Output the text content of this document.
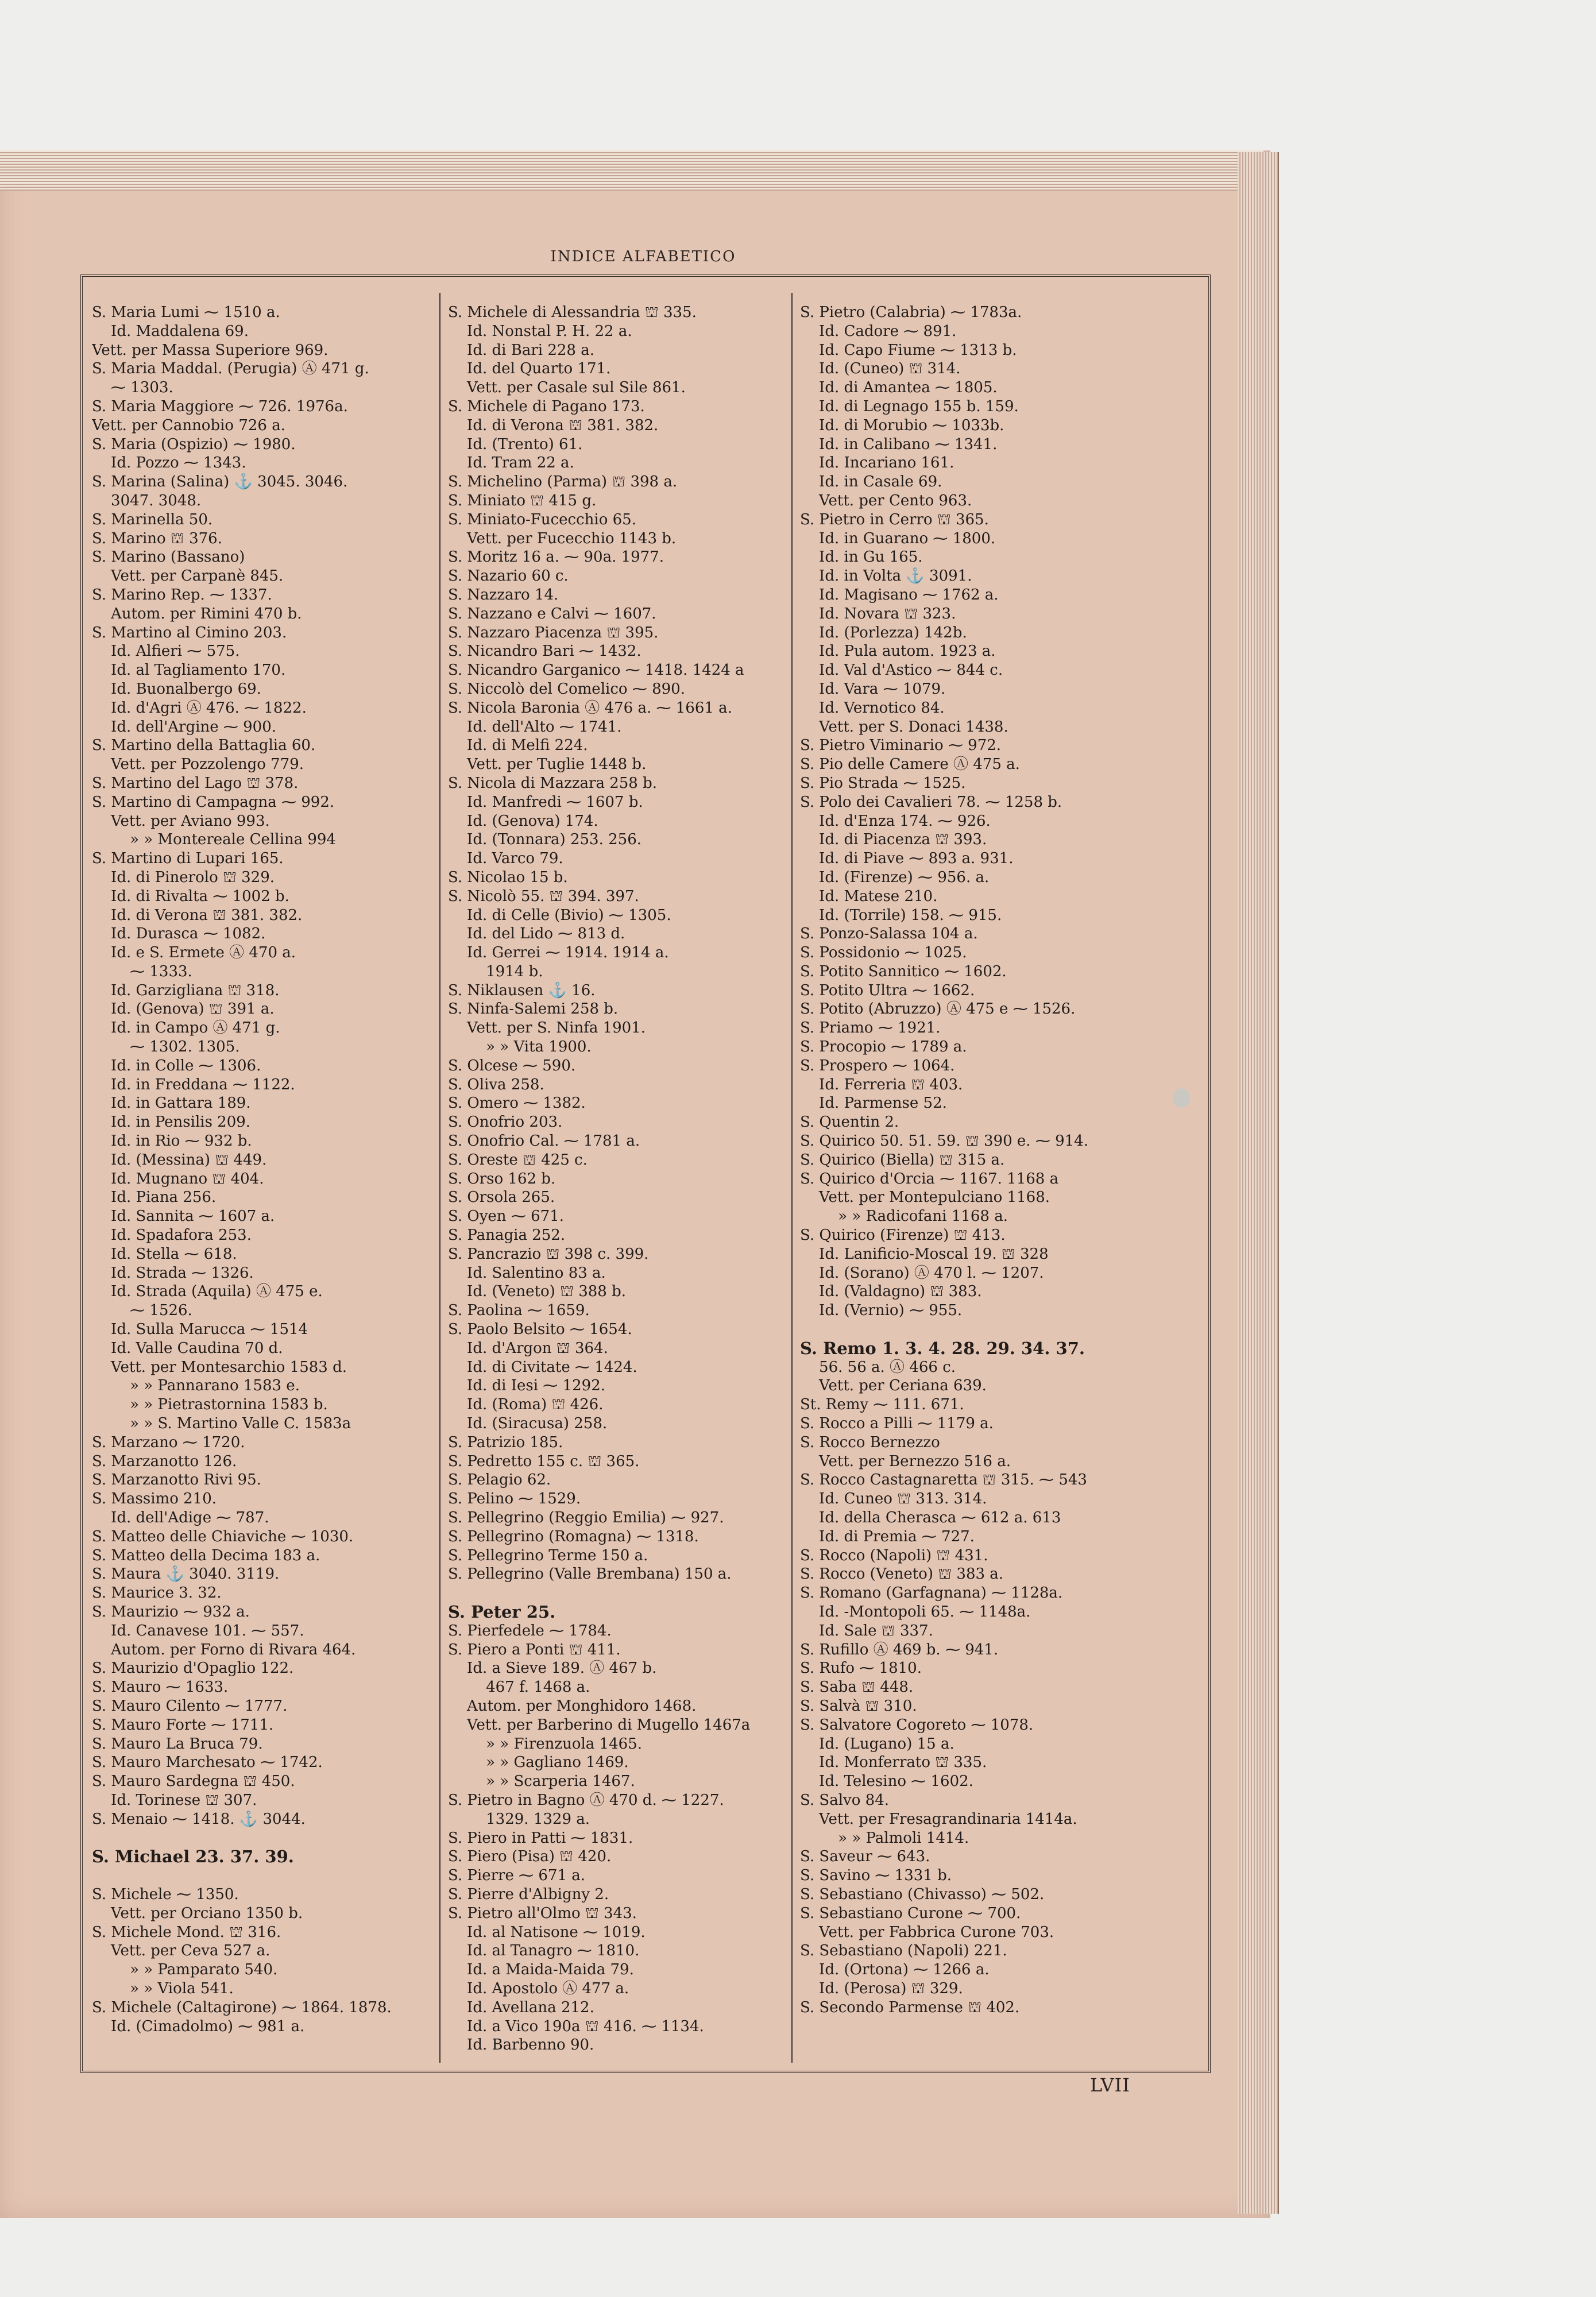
INDICE ALFABETICO
S. Maria Lumi ⁓ 1510 a.
Id. Maddalena 69.
Vett. per Massa Superiore 969.
S. Maria Maddal. (Perugia) Ⓐ 471 g.
⁓ 1303.
S. Maria Maggiore ⁓ 726. 1976a.
Vett. per Cannobio 726 a.
S. Maria (Ospizio) ⁓ 1980.
Id. Pozzo ⁓ 1343.
S. Marina (Salina) ⚓ 3045. 3046.
3047. 3048.
S. Marinella 50.
S. Marino ⛫ 376.
S. Marino (Bassano)
Vett. per Carpanè 845.
S. Marino Rep. ⁓ 1337.
Autom. per Rimini 470 b.
S. Martino al Cimino 203.
Id. Alfieri ⁓ 575.
Id. al Tagliamento 170.
Id. Buonalbergo 69.
Id. d'Agri Ⓐ 476. ⁓ 1822.
Id. dell'Argine ⁓ 900.
S. Martino della Battaglia 60.
Vett. per Pozzolengo 779.
S. Martino del Lago ⛫ 378.
S. Martino di Campagna ⁓ 992.
Vett. per Aviano 993.
» » Montereale Cellina 994
S. Martino di Lupari 165.
Id. di Pinerolo ⛫ 329.
Id. di Rivalta ⁓ 1002 b.
Id. di Verona ⛫ 381. 382.
Id. Durasca ⁓ 1082.
Id. e S. Ermete Ⓐ 470 a.
⁓ 1333.
Id. Garzigliana ⛫ 318.
Id. (Genova) ⛫ 391 a.
Id. in Campo Ⓐ 471 g.
⁓ 1302. 1305.
Id. in Colle ⁓ 1306.
Id. in Freddana ⁓ 1122.
Id. in Gattara 189.
Id. in Pensilis 209.
Id. in Rio ⁓ 932 b.
Id. (Messina) ⛫ 449.
Id. Mugnano ⛫ 404.
Id. Piana 256.
Id. Sannita ⁓ 1607 a.
Id. Spadafora 253.
Id. Stella ⁓ 618.
Id. Strada ⁓ 1326.
Id. Strada (Aquila) Ⓐ 475 e.
⁓ 1526.
Id. Sulla Marucca ⁓ 1514
Id. Valle Caudina 70 d.
Vett. per Montesarchio 1583 d.
» » Pannarano 1583 e.
» » Pietrastornina 1583 b.
» » S. Martino Valle C. 1583a
S. Marzano ⁓ 1720.
S. Marzanotto 126.
S. Marzanotto Rivi 95.
S. Massimo 210.
Id. dell'Adige ⁓ 787.
S. Matteo delle Chiaviche ⁓ 1030.
S. Matteo della Decima 183 a.
S. Maura ⚓ 3040. 3119.
S. Maurice 3. 32.
S. Maurizio ⁓ 932 a.
Id. Canavese 101. ⁓ 557.
Autom. per Forno di Rivara 464.
S. Maurizio d'Opaglio 122.
S. Mauro ⁓ 1633.
S. Mauro Cilento ⁓ 1777.
S. Mauro Forte ⁓ 1711.
S. Mauro La Bruca 79.
S. Mauro Marchesato ⁓ 1742.
S. Mauro Sardegna ⛫ 450.
Id. Torinese ⛫ 307.
S. Menaio ⁓ 1418. ⚓ 3044.

S. Michael 23. 37. 39.

S. Michele ⁓ 1350.
Vett. per Orciano 1350 b.
S. Michele Mond. ⛫ 316.
Vett. per Ceva 527 a.
» » Pamparato 540.
» » Viola 541.
S. Michele (Caltagirone) ⁓ 1864. 1878.
Id. (Cimadolmo) ⁓ 981 a.
S. Michele di Alessandria ⛫ 335.
Id. Nonstal P. H. 22 a.
Id. di Bari 228 a.
Id. del Quarto 171.
Vett. per Casale sul Sile 861.
S. Michele di Pagano 173.
Id. di Verona ⛫ 381. 382.
Id. (Trento) 61.
Id. Tram 22 a.
S. Michelino (Parma) ⛫ 398 a.
S. Miniato ⛫ 415 g.
S. Miniato-Fucecchio 65.
Vett. per Fucecchio 1143 b.
S. Moritz 16 a. ⁓ 90a. 1977.
S. Nazario 60 c.
S. Nazzaro 14.
S. Nazzano e Calvi ⁓ 1607.
S. Nazzaro Piacenza ⛫ 395.
S. Nicandro Bari ⁓ 1432.
S. Nicandro Garganico ⁓ 1418. 1424 a
S. Niccolò del Comelico ⁓ 890.
S. Nicola Baronia Ⓐ 476 a. ⁓ 1661 a.
Id. dell'Alto ⁓ 1741.
Id. di Melfi 224.
Vett. per Tuglie 1448 b.
S. Nicola di Mazzara 258 b.
Id. Manfredi ⁓ 1607 b.
Id. (Genova) 174.
Id. (Tonnara) 253. 256.
Id. Varco 79.
S. Nicolao 15 b.
S. Nicolò 55. ⛫ 394. 397.
Id. di Celle (Bivio) ⁓ 1305.
Id. del Lido ⁓ 813 d.
Id. Gerrei ⁓ 1914. 1914 a.
1914 b.
S. Niklausen ⚓ 16.
S. Ninfa-Salemi 258 b.
Vett. per S. Ninfa 1901.
» » Vita 1900.
S. Olcese ⁓ 590.
S. Oliva 258.
S. Omero ⁓ 1382.
S. Onofrio 203.
S. Onofrio Cal. ⁓ 1781 a.
S. Oreste ⛫ 425 c.
S. Orso 162 b.
S. Orsola 265.
S. Oyen ⁓ 671.
S. Panagia 252.
S. Pancrazio ⛫ 398 c. 399.
Id. Salentino 83 a.
Id. (Veneto) ⛫ 388 b.
S. Paolina ⁓ 1659.
S. Paolo Belsito ⁓ 1654.
Id. d'Argon ⛫ 364.
Id. di Civitate ⁓ 1424.
Id. di Iesi ⁓ 1292.
Id. (Roma) ⛫ 426.
Id. (Siracusa) 258.
S. Patrizio 185.
S. Pedretto 155 c. ⛫ 365.
S. Pelagio 62.
S. Pelino ⁓ 1529.
S. Pellegrino (Reggio Emilia) ⁓ 927.
S. Pellegrino (Romagna) ⁓ 1318.
S. Pellegrino Terme 150 a.
S. Pellegrino (Valle Brembana) 150 a.

S. Peter 25.
S. Pierfedele ⁓ 1784.
S. Piero a Ponti ⛫ 411.
Id. a Sieve 189. Ⓐ 467 b.
467 f. 1468 a.
Autom. per Monghidoro 1468.
Vett. per Barberino di Mugello 1467a
» » Firenzuola 1465.
» » Gagliano 1469.
» » Scarperia 1467.
S. Pietro in Bagno Ⓐ 470 d. ⁓ 1227.
1329. 1329 a.
S. Piero in Patti ⁓ 1831.
S. Piero (Pisa) ⛫ 420.
S. Pierre ⁓ 671 a.
S. Pierre d'Albigny 2.
S. Pietro all'Olmo ⛫ 343.
Id. al Natisone ⁓ 1019.
Id. al Tanagro ⁓ 1810.
Id. a Maida-Maida 79.
Id. Apostolo Ⓐ 477 a.
Id. Avellana 212.
Id. a Vico 190a ⛫ 416. ⁓ 1134.
Id. Barbenno 90.
S. Pietro (Calabria) ⁓ 1783a.
Id. Cadore ⁓ 891.
Id. Capo Fiume ⁓ 1313 b.
Id. (Cuneo) ⛫ 314.
Id. di Amantea ⁓ 1805.
Id. di Legnago 155 b. 159.
Id. di Morubio ⁓ 1033b.
Id. in Calibano ⁓ 1341.
Id. Incariano 161.
Id. in Casale 69.
Vett. per Cento 963.
S. Pietro in Cerro ⛫ 365.
Id. in Guarano ⁓ 1800.
Id. in Gu 165.
Id. in Volta ⚓ 3091.
Id. Magisano ⁓ 1762 a.
Id. Novara ⛫ 323.
Id. (Porlezza) 142b.
Id. Pula autom. 1923 a.
Id. Val d'Astico ⁓ 844 c.
Id. Vara ⁓ 1079.
Id. Vernotico 84.
Vett. per S. Donaci 1438.
S. Pietro Viminario ⁓ 972.
S. Pio delle Camere Ⓐ 475 a.
S. Pio Strada ⁓ 1525.
S. Polo dei Cavalieri 78. ⁓ 1258 b.
Id. d'Enza 174. ⁓ 926.
Id. di Piacenza ⛫ 393.
Id. di Piave ⁓ 893 a. 931.
Id. (Firenze) ⁓ 956. a.
Id. Matese 210.
Id. (Torrile) 158. ⁓ 915.
S. Ponzo-Salassa 104 a.
S. Possidonio ⁓ 1025.
S. Potito Sannitico ⁓ 1602.
S. Potito Ultra ⁓ 1662.
S. Potito (Abruzzo) Ⓐ 475 e ⁓ 1526.
S. Priamo ⁓ 1921.
S. Procopio ⁓ 1789 a.
S. Prospero ⁓ 1064.
Id. Ferreria ⛫ 403.
Id. Parmense 52.
S. Quentin 2.
S. Quirico 50. 51. 59. ⛫ 390 e. ⁓ 914.
S. Quirico (Biella) ⛫ 315 a.
S. Quirico d'Orcia ⁓ 1167. 1168 a
Vett. per Montepulciano 1168.
» » Radicofani 1168 a.
S. Quirico (Firenze) ⛫ 413.
Id. Lanificio-Moscal 19. ⛫ 328
Id. (Sorano) Ⓐ 470 l. ⁓ 1207.
Id. (Valdagno) ⛫ 383.
Id. (Vernio) ⁓ 955.

S. Remo 1. 3. 4. 28. 29. 34. 37.
56. 56 a. Ⓐ 466 c.
Vett. per Ceriana 639.
St. Remy ⁓ 111. 671.
S. Rocco a Pilli ⁓ 1179 a.
S. Rocco Bernezzo
Vett. per Bernezzo 516 a.
S. Rocco Castagnaretta ⛫ 315. ⁓ 543
Id. Cuneo ⛫ 313. 314.
Id. della Cherasca ⁓ 612 a. 613
Id. di Premia ⁓ 727.
S. Rocco (Napoli) ⛫ 431.
S. Rocco (Veneto) ⛫ 383 a.
S. Romano (Garfagnana) ⁓ 1128a.
Id. -Montopoli 65. ⁓ 1148a.
Id. Sale ⛫ 337.
S. Rufillo Ⓐ 469 b. ⁓ 941.
S. Rufo ⁓ 1810.
S. Saba ⛫ 448.
S. Salvà ⛫ 310.
S. Salvatore Cogoreto ⁓ 1078.
Id. (Lugano) 15 a.
Id. Monferrato ⛫ 335.
Id. Telesino ⁓ 1602.
S. Salvo 84.
Vett. per Fresagrandinaria 1414a.
» » Palmoli 1414.
S. Saveur ⁓ 643.
S. Savino ⁓ 1331 b.
S. Sebastiano (Chivasso) ⁓ 502.
S. Sebastiano Curone ⁓ 700.
Vett. per Fabbrica Curone 703.
S. Sebastiano (Napoli) 221.
Id. (Ortona) ⁓ 1266 a.
Id. (Perosa) ⛫ 329.
S. Secondo Parmense ⛫ 402.
LVII
